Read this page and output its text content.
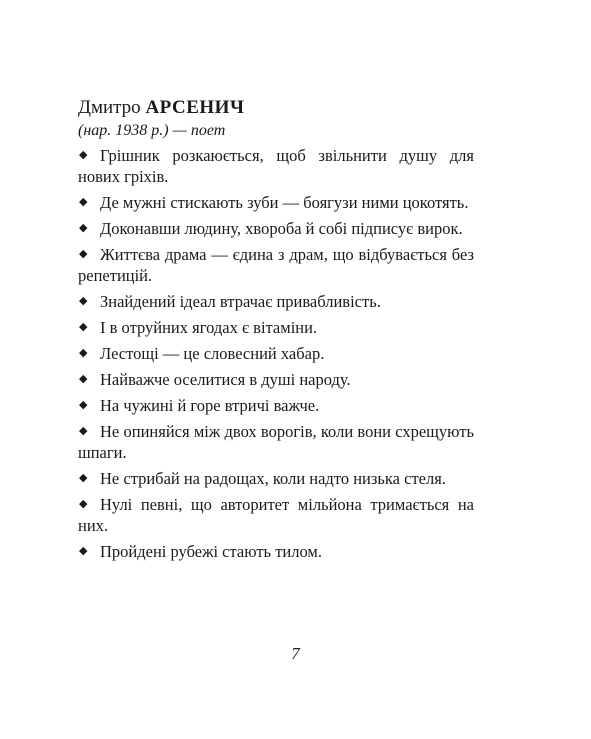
Дмитро АРСЕНИЧ
(нар. 1938 р.) — поет
◆ Грішник розкаюється, щоб звільнити душу для нових гріхів.
◆ Де мужні стискають зуби — боягузи ними цокотять.
◆ Доконавши людину, хвороба й собі підписує вирок.
◆ Життєва драма — єдина з драм, що відбувається без репетицій.
◆ Знайдений ідеал втрачає привабливість.
◆ І в отруйних ягодах є вітаміни.
◆ Лестощі — це словесний хабар.
◆ Найважче оселитися в душі народу.
◆ На чужині й горе втричі важче.
◆ Не опиняйся між двох ворогів, коли вони схрещують шпаги.
◆ Не стрибай на радощах, коли надто низька стеля.
◆ Нулі певні, що авторитет мільйона тримається на них.
◆ Пройдені рубежі стають тилом.
7
